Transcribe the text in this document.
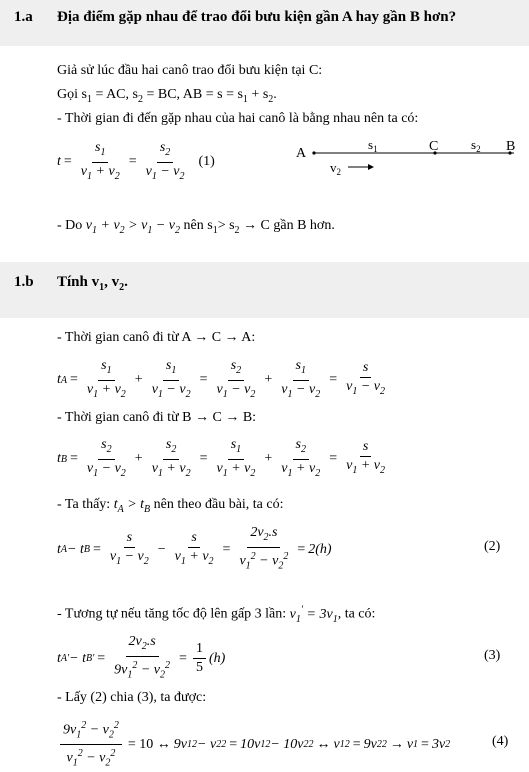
1.a Địa điểm gặp nhau để trao đổi bưu kiện gần A hay gần B hơn?
Giả sử lúc đầu hai canô trao đổi bưu kiện tại C:
Gọi $s_1$ = AC, $s_2$ = BC, AB = $s = s_1 + s_2$.
- Thời gian đi đến gặp nhau của hai canô là bằng nhau nên ta có:
$t = \frac{s_1}{v_1 + v_2} = \frac{s_2}{v_1 - v_2} (1)$
A	C	B
$s_1$	$s_2$
$v_2$
- Do $v_1 + v_2 > v_1 - v_2$ nên $s_1> s_2 \to C$ gần B hơn.
1.b Tính $v_1$, $v_2$.
- Thời gian canô đi từ A → C → A:
t $A = \frac{s_1}{v_1 + v_2} + \frac{s_1}{v_1 - v_2} = \frac{s_2}{v_1 - v_2} + \frac{s_1}{v_1 - v_2} = \frac{s}{v_1 - v_2}$
- Thời gian canô đi từ B → C → B:
t $B = \frac{s_2}{v_1 - v_2} + \frac{s_2}{v_1 + v_2} = \frac{s_1}{v_1 + v_2} + \frac{s_2}{v_1 + v_2} = \frac{s}{v_1 + v_2}$
- Ta thấy: $t_A > t_B$ nên theo đầu bài, ta có:
t A − t $B = \frac{s}{v_1 - v_2} - \frac{s}{v_1 + v_2} = \frac{2v_2.s}{v_1^2 - v_2^2} = 2(h)$	(2)
- Tương tự nếu tăng tốc độ lên gấp 3 lần: $v_1' = 3v_1$, ta có:
t A ' − t B ' = $\frac{2v_2.s}{9v_1^2 - v_2^2} = \frac{1}{5} (h)$	(3)
- Lấy (2) chia (3), ta được:
$\frac{9v_1^2 - v_2^2}{v_1^2 - v_2^2} = 10$ ↔ 9v 1 2 − v 2 2 = 10v 1 2 − 10v 2 2 ↔ v 1 2 = 9v 2 2 → v 1 = 3v 2	(4)
